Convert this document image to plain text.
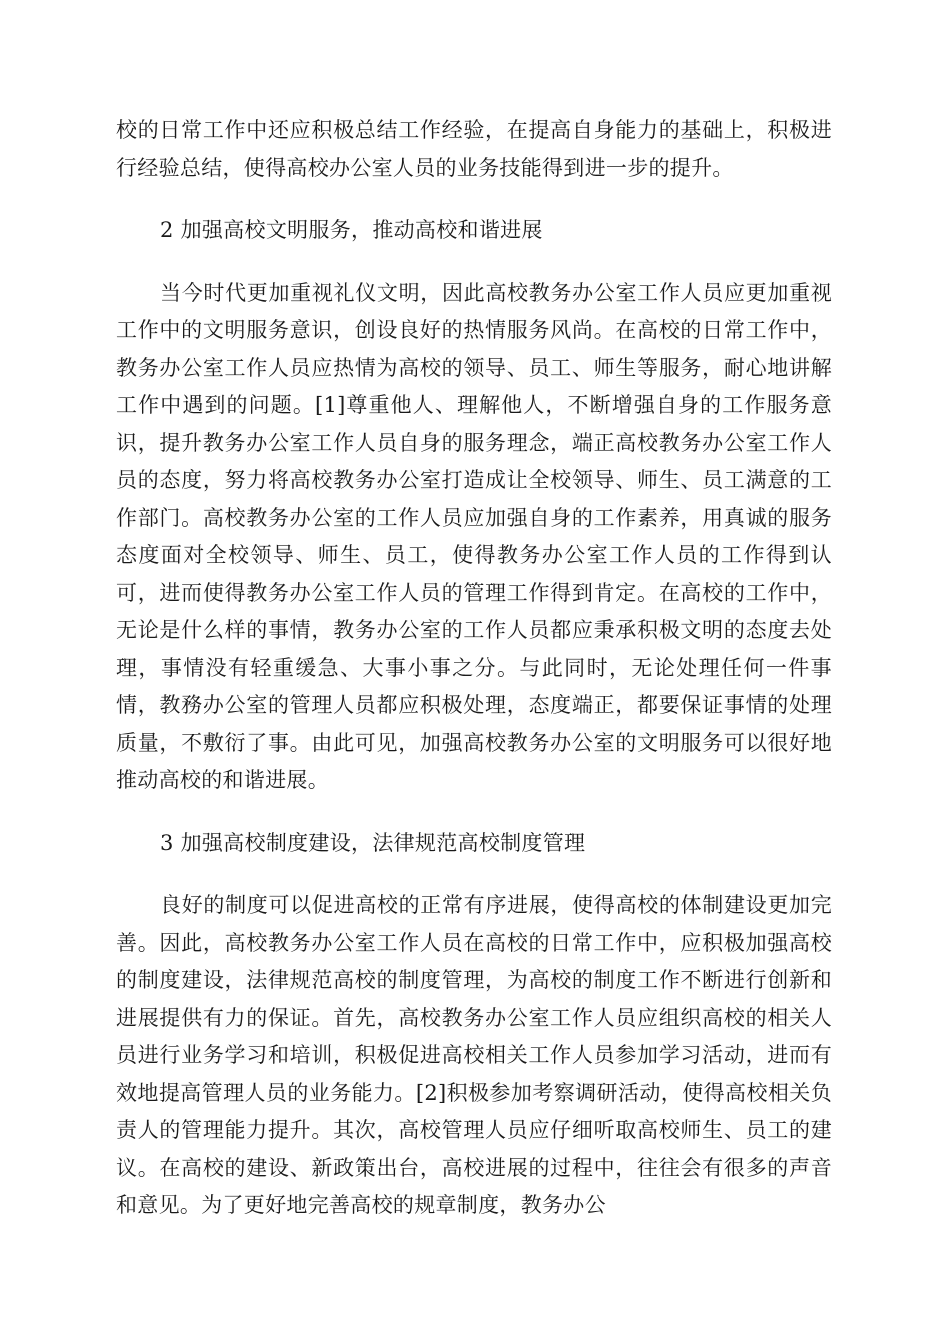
校的日常工作中还应积极总结工作经验，在提高自身能力的基础上，积极进行经验总结，使得高校办公室人员的业务技能得到进一步的提升。

2 加强高校文明服务，推动高校和谐进展

当今时代更加重视礼仪文明，因此高校教务办公室工作人员应更加重视工作中的文明服务意识，创设良好的热情服务风尚。在高校的日常工作中，教务办公室工作人员应热情为高校的领导、员工、师生等服务，耐心地讲解工作中遇到的问题。[1]尊重他人、理解他人，不断增强自身的工作服务意识，提升教务办公室工作人员自身的服务理念，端正高校教务办公室工作人员的态度，努力将高校教务办公室打造成让全校领导、师生、员工满意的工作部门。高校教务办公室的工作人员应加强自身的工作素养，用真诚的服务态度面对全校领导、师生、员工，使得教务办公室工作人员的工作得到认可，进而使得教务办公室工作人员的管理工作得到肯定。在高校的工作中，无论是什么样的事情，教务办公室的工作人员都应秉承积极文明的态度去处理，事情没有轻重缓急、大事小事之分。与此同时，无论处理任何一件事情，教務办公室的管理人员都应积极处理，态度端正，都要保证事情的处理质量，不敷衍了事。由此可见，加强高校教务办公室的文明服务可以很好地推动高校的和谐进展。

3 加强高校制度建设，法律规范高校制度管理

良好的制度可以促进高校的正常有序进展，使得高校的体制建设更加完善。因此，高校教务办公室工作人员在高校的日常工作中，应积极加强高校的制度建设，法律规范高校的制度管理，为高校的制度工作不断进行创新和进展提供有力的保证。首先，高校教务办公室工作人员应组织高校的相关人员进行业务学习和培训，积极促进高校相关工作人员参加学习活动，进而有效地提高管理人员的业务能力。[2]积极参加考察调研活动，使得高校相关负责人的管理能力提升。其次，高校管理人员应仔细听取高校师生、员工的建议。在高校的建设、新政策出台，高校进展的过程中，往往会有很多的声音和意见。为了更好地完善高校的规章制度，教务办公
